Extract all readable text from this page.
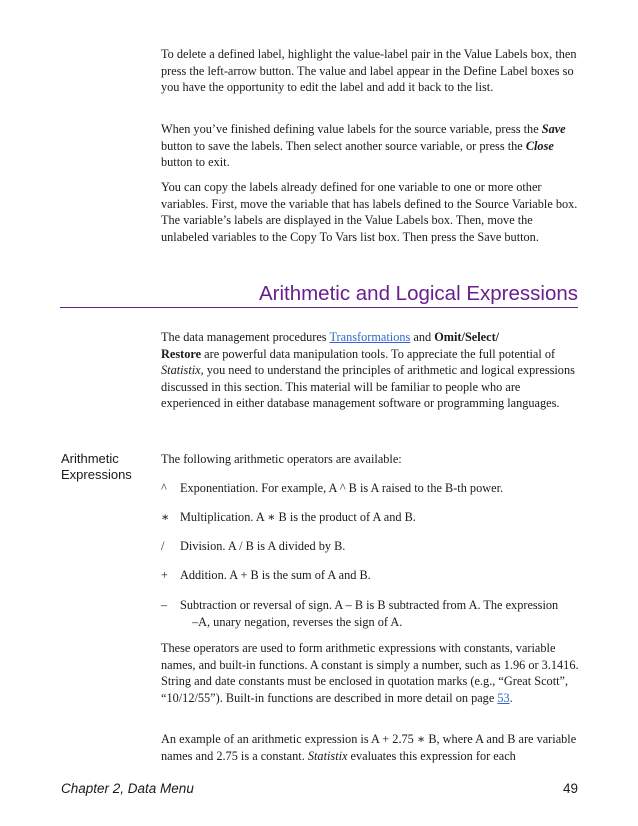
To delete a defined label, highlight the value-label pair in the Value Labels box, then press the left-arrow button. The value and label appear in the Define Label boxes so you have the opportunity to edit the label and add it back to the list.

When you’ve finished defining value labels for the source variable, press the Save button to save the labels. Then select another source variable, or press the Close button to exit.

You can copy the labels already defined for one variable to one or more other variables. First, move the variable that has labels defined to the Source Variable box. The variable’s labels are displayed in the Value Labels box. Then, move the unlabeled variables to the Copy To Vars list box. Then press the Save button.

Arithmetic and Logical Expressions

The data management procedures Transformations and Omit/Select/
Restore are powerful data manipulation tools. To appreciate the full potential of Statistix, you need to understand the principles of arithmetic and logical expressions discussed in this section. This material will be familiar to people who are experienced in either database management software or programming languages.

Arithmetic
Expressions

The following arithmetic operators are available:

^	Exponentiation. For example, A ^ B is A raised to the B-th power.
∗ Multiplication. A ∗ B is the product of A and B.
/	Division. A / B is A divided by B.
+ Addition. A + B is the sum of A and B.
–	Subtraction or reversal of sign. A – B is B subtracted from A. The expression
–A, unary negation, reverses the sign of A.

These operators are used to form arithmetic expressions with constants, variable names, and built-in functions. A constant is simply a number, such as 1.96 or 3.1416. String and date constants must be enclosed in quotation marks (e.g., “Great Scott”, “10/12/55”). Built-in functions are described in more detail on page 53.

An example of an arithmetic expression is A + 2.75 ∗ B, where A and B are variable names and 2.75 is a constant. Statistix evaluates this expression for each

Chapter 2, Data Menu	49
